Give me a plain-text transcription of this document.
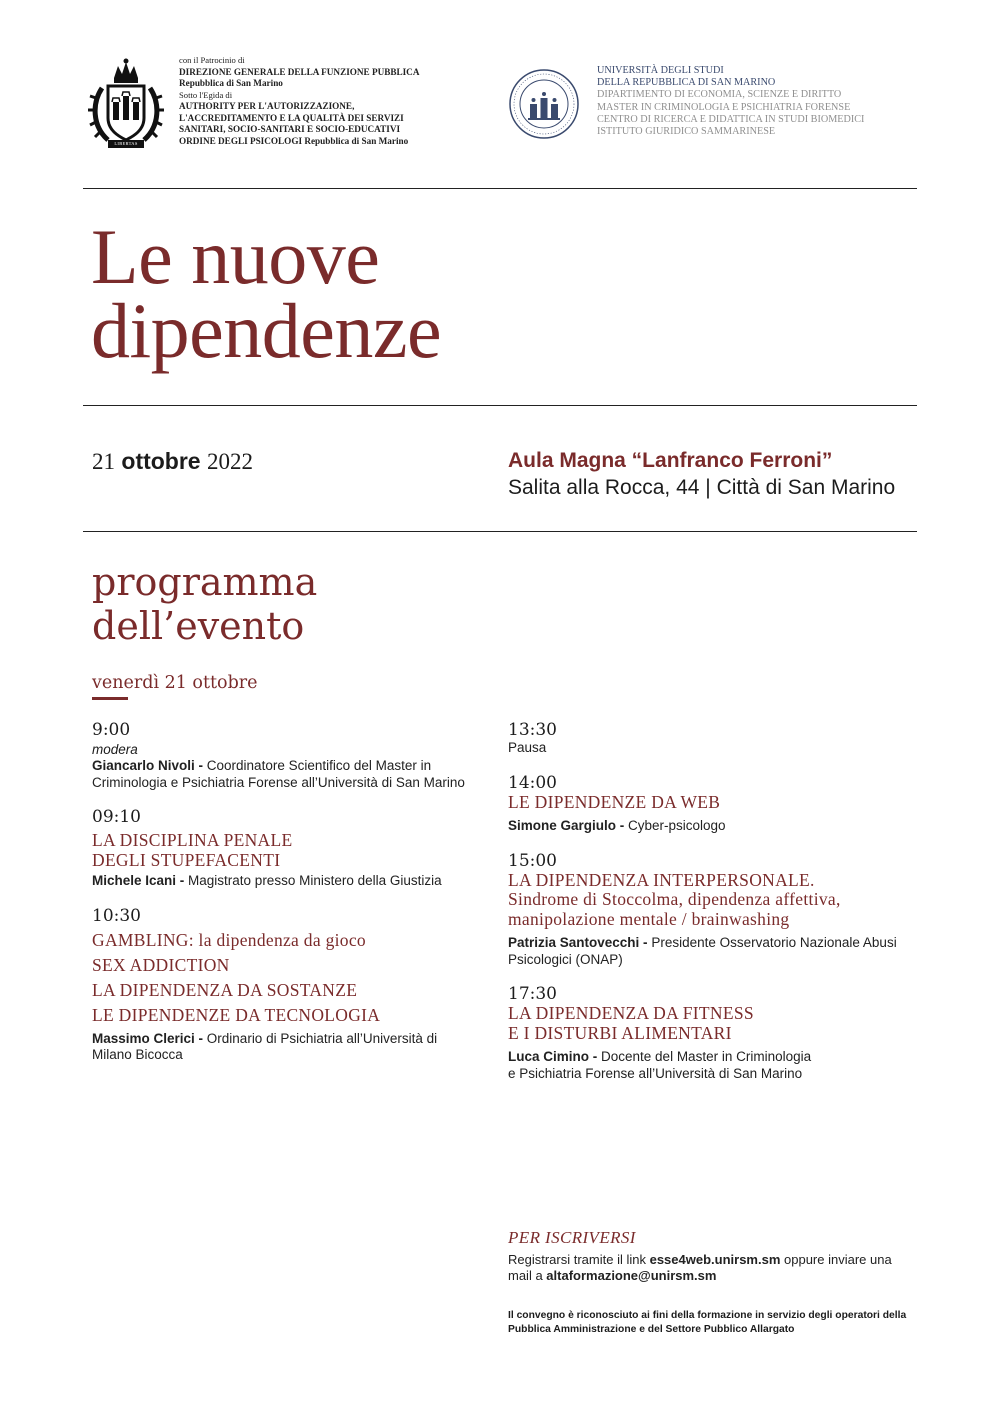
LIBERTAS
con il Patrocinio di
DIREZIONE GENERALE DELLA FUNZIONE PUBBLICA
Repubblica di San Marino
Sotto l'Egida di
AUTHORITY PER L'AUTORIZZAZIONE,
L'ACCREDITAMENTO E LA QUALITÀ DEI SERVIZI
SANITARI, SOCIO-SANITARI E SOCIO-EDUCATIVI
ORDINE DEGLI PSICOLOGI Repubblica di San Marino
UNIVERSITÀ DEGLI STUDI
DELLA REPUBBLICA DI SAN MARINO
DIPARTIMENTO DI ECONOMIA, SCIENZE E DIRITTO
MASTER IN CRIMINOLOGIA E PSICHIATRIA FORENSE
CENTRO DI RICERCA E DIDATTICA IN STUDI BIOMEDICI
ISTITUTO GIURIDICO SAMMARINESE
Le nuove
dipendenze
21 ottobre 2022	Aula Magna “Lanfranco Ferroni”
Salita alla Rocca, 44 | Città di San Marino
programma
dell’evento
venerdì 21 ottobre
9:00
modera
Giancarlo Nivoli - Coordinatore Scientifico del Master in Criminologia e Psichiatria Forense all’Università di San Marino
09:10
LA DISCIPLINA PENALE
DEGLI STUPEFACENTI
Michele Icani - Magistrato presso Ministero della Giustizia
10:30
GAMBLING: la dipendenza da gioco
SEX ADDICTION
LA DIPENDENZA DA SOSTANZE
LE DIPENDENZE DA TECNOLOGIA
Massimo Clerici - Ordinario di Psichiatria all’Università di Milano Bicocca
13:30
Pausa
14:00
LE DIPENDENZE DA WEB
Simone Gargiulo - Cyber-psicologo
15:00
LA DIPENDENZA INTERPERSONALE.
Sindrome di Stoccolma, dipendenza affettiva,
manipolazione mentale / brainwashing
Patrizia Santovecchi - Presidente Osservatorio Nazionale Abusi Psicologici (ONAP)
17:30
LA DIPENDENZA DA FITNESS
E I DISTURBI ALIMENTARI
Luca Cimino - Docente del Master in Criminologia
e Psichiatria Forense all’Università di San Marino
PER ISCRIVERSI
Registrarsi tramite il link esse4web.unirsm.sm oppure inviare una mail a altaformazione@unirsm.sm
Il convegno è riconosciuto ai fini della formazione in servizio degli operatori della Pubblica Amministrazione e del Settore Pubblico Allargato
